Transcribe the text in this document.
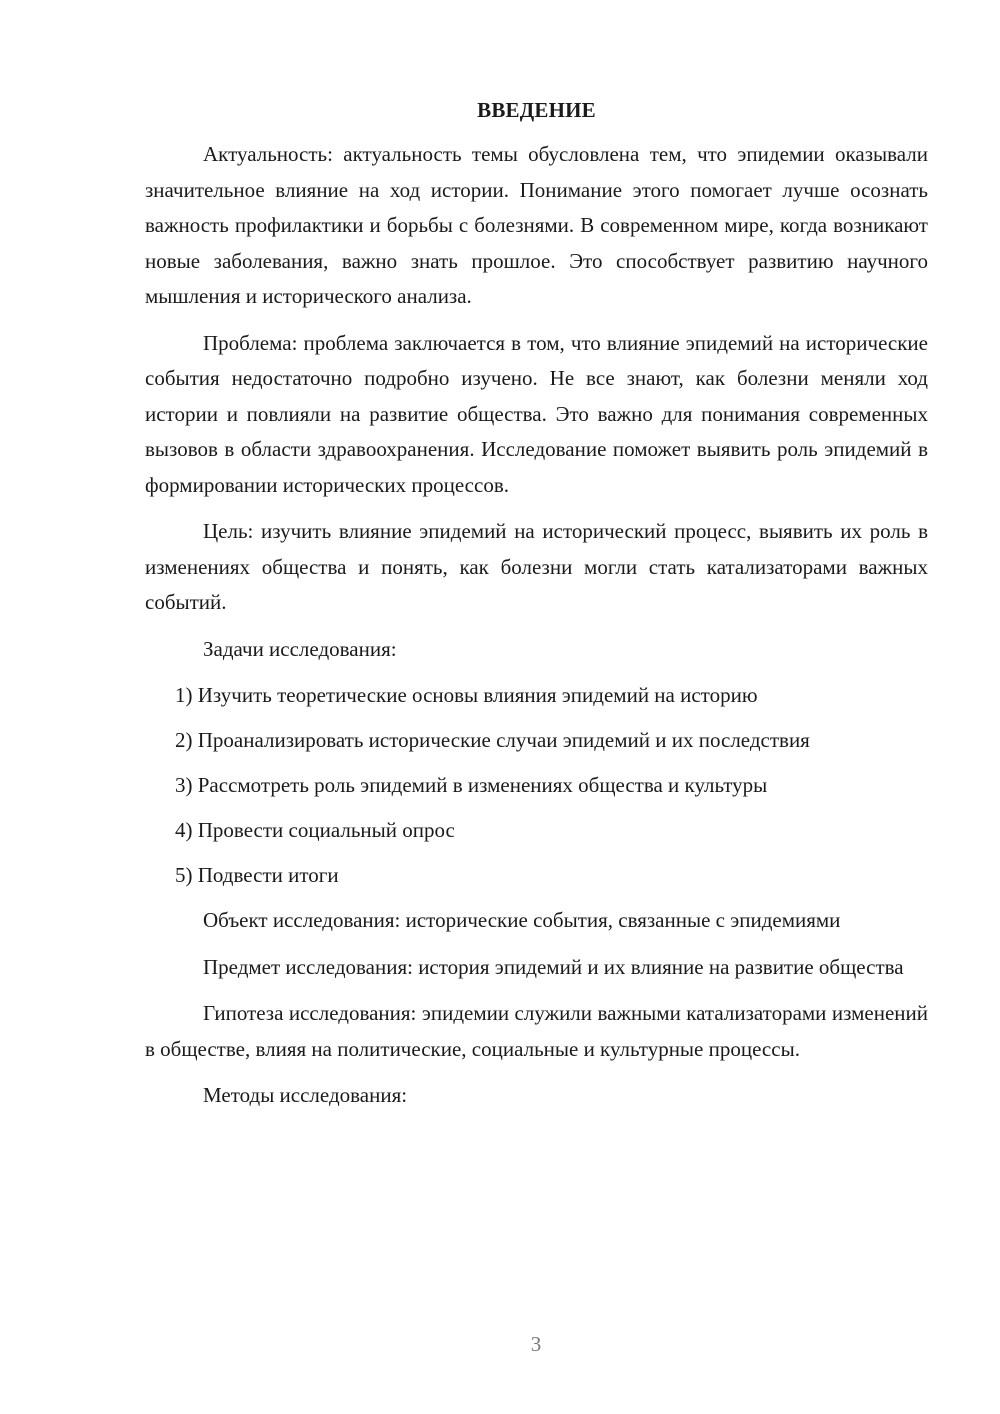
ВВЕДЕНИЕ

Актуальность: актуальность темы обусловлена тем, что эпидемии оказывали значительное влияние на ход истории. Понимание этого помогает лучше осознать важность профилактики и борьбы с болезнями. В современном мире, когда возникают новые заболевания, важно знать прошлое. Это способствует развитию научного мышления и исторического анализа.

Проблема: проблема заключается в том, что влияние эпидемий на исторические события недостаточно подробно изучено. Не все знают, как болезни меняли ход истории и повлияли на развитие общества. Это важно для понимания современных вызовов в области здравоохранения. Исследование поможет выявить роль эпидемий в формировании исторических процессов.

Цель: изучить влияние эпидемий на исторический процесс, выявить их роль в изменениях общества и понять, как болезни могли стать катализаторами важных событий.

Задачи исследования:

1) Изучить теоретические основы влияния эпидемий на историю
2) Проанализировать исторические случаи эпидемий и их последствия
3) Рассмотреть роль эпидемий в изменениях общества и культуры
4) Провести социальный опрос
5) Подвести итоги

Объект исследования: исторические события, связанные с эпидемиями

Предмет исследования: история эпидемий и их влияние на развитие общества

Гипотеза исследования: эпидемии служили важными катализаторами изменений в обществе, влияя на политические, социальные и культурные процессы.

Методы исследования:

3
